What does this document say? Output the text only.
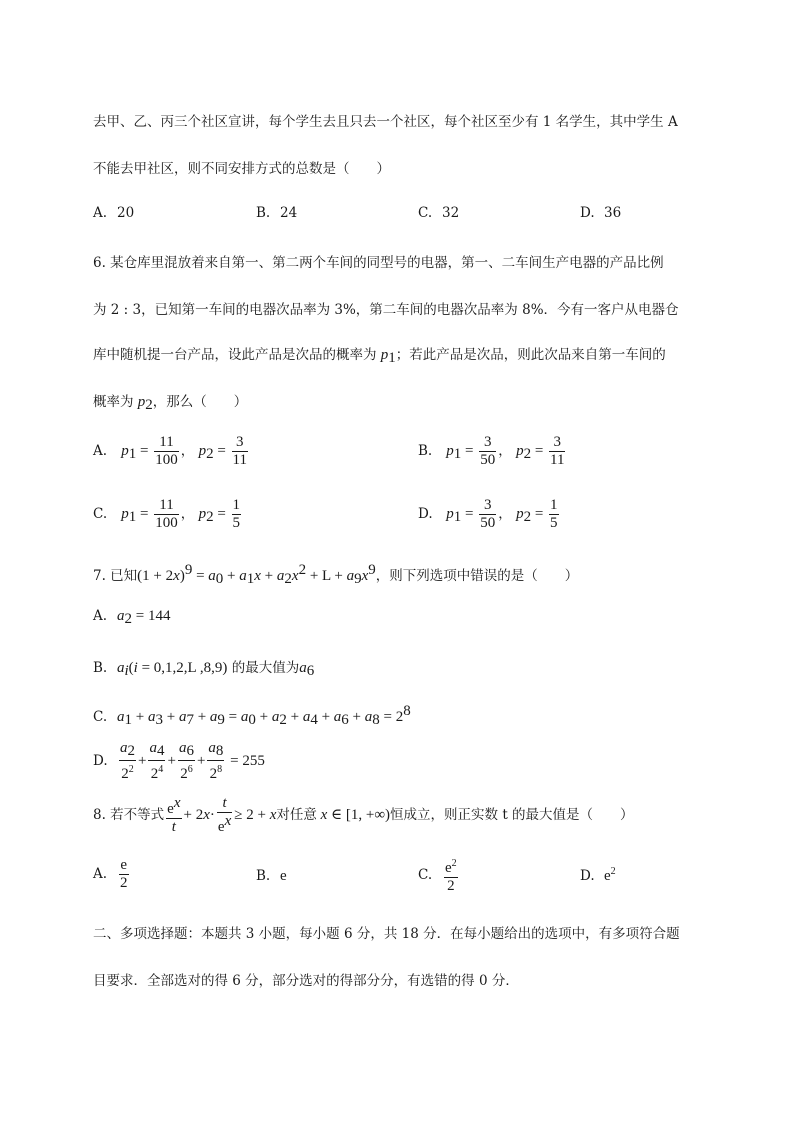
去甲、乙、丙三个社区宣讲，每个学生去且只去一个社区，每个社区至少有 1 名学生，其中学生 A
不能去甲社区，则不同安排方式的总数是（　　）
A. 20	B. 24	C. 32	D. 36
6. 某仓库里混放着来自第一、第二两个车间的同型号的电器，第一、二车间生产电器的产品比例
为 2 : 3，已知第一车间的电器次品率为 3%，第二车间的电器次品率为 8%．今有一客户从电器仓
库中随机提一台产品，设此产品是次品的概率为 $p_1$；若此产品是次品，则此次品来自第一车间的
概率为 $p_2$，那么（　　）
A. $p_1 = \frac{11}{100}$ ， $p_2 = \frac{3}{11}$	B. $p_1 = \frac{3}{50}$ ， $p_2 = \frac{3}{11}$
C. $p_1 = \frac{11}{100}$ ， $p_2 = \frac{1}{5}$	D. $p_1 = \frac{3}{50}$ ， $p_2 = \frac{1}{5}$
7. 已知$(1 + 2x)^9 = a_0 + a_1x + a_2x^2 + L + a_9x^9$，则下列选项中错误的是（　　）
A. $a_2 = 144$
B. $a_i(i = 0,1,2,L$ ,8,9) 的最大值为$a_6$
C. $a_1 + a_3 + a_7 + a_9 = a_0 + a_2 + a_4 + a_6 + a_8 = 2^8$
D. $\frac{a_2}{2^2} + \frac{a_4}{2^4} + \frac{a_6}{2^6} + \frac{a_8}{2^8} = 255$
8. 若不等式 $\frac{e^x}{t} + 2x\cdot \frac{t}{e^x} \ge 2 + x$对任意 x ∈ [1, +∞)恒成立，则正实数 t 的最大值是（　　）
A. $\frac{e}{2}$	B. e	C. $\frac{e^2}{2}$	D. $e^2$
二、多项选择题：本题共 3 小题，每小题 6 分，共 18 分．在每小题给出的选项中，有多项符合题
目要求．全部选对的得 6 分，部分选对的得部分分，有选错的得 0 分．
